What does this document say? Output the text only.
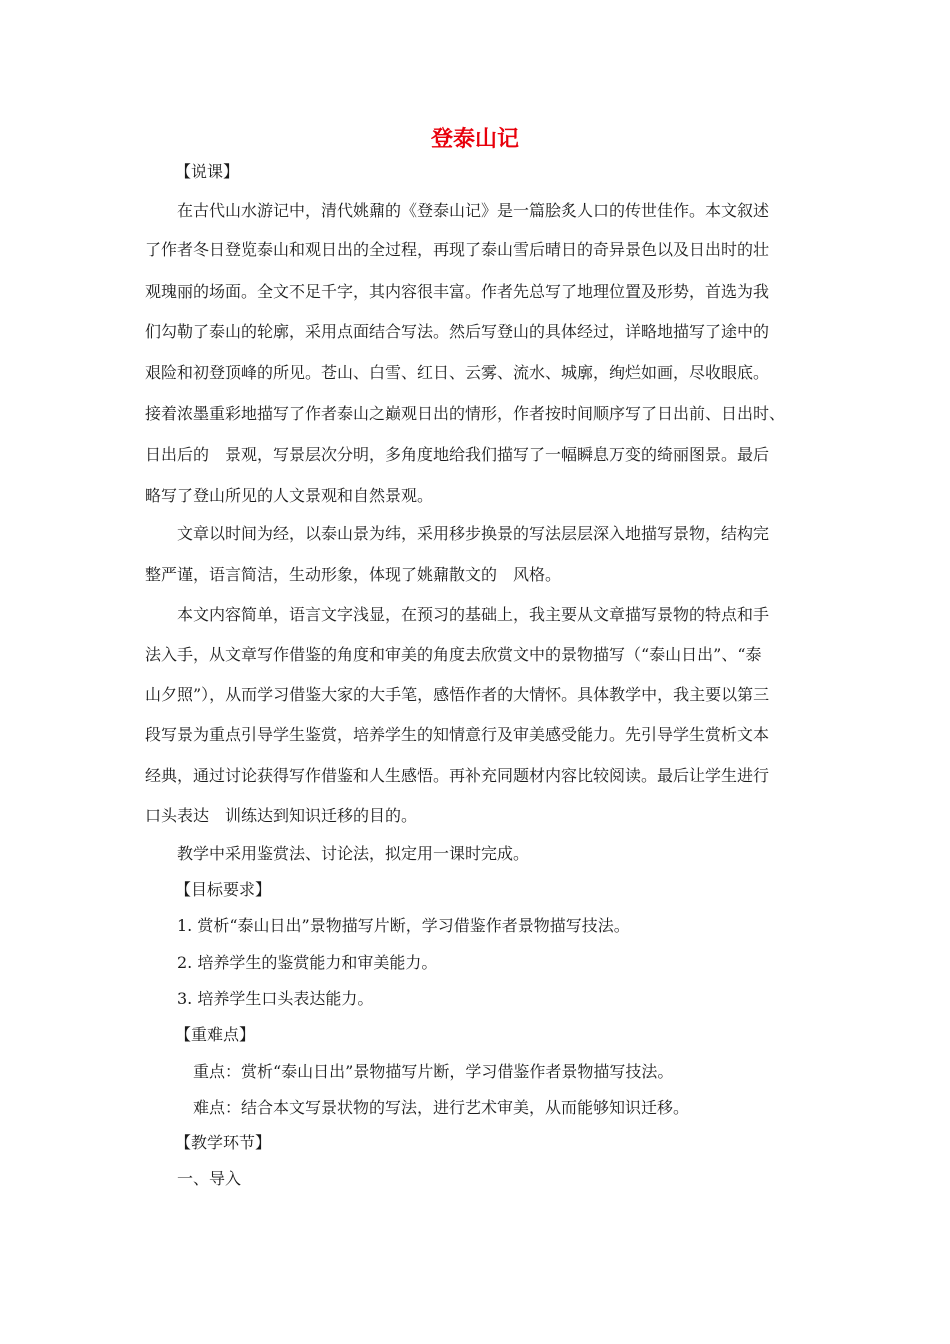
登泰山记
【说课】
在古代山水游记中，清代姚鼐的《登泰山记》是一篇脍炙人口的传世佳作。本文叙述
了作者冬日登览泰山和观日出的全过程，再现了泰山雪后晴日的奇异景色以及日出时的壮
观瑰丽的场面。全文不足千字，其内容很丰富。作者先总写了地理位置及形势，首选为我
们勾勒了泰山的轮廓，采用点面结合写法。然后写登山的具体经过，详略地描写了途中的
艰险和初登顶峰的所见。苍山、白雪、红日、云雾、流水、城廓，绚烂如画，尽收眼底。
接着浓墨重彩地描写了作者泰山之巅观日出的情形，作者按时间顺序写了日出前、日出时、
日出后的　景观，写景层次分明，多角度地给我们描写了一幅瞬息万变的绮丽图景。最后
略写了登山所见的人文景观和自然景观。
文章以时间为经，以泰山景为纬，采用移步换景的写法层层深入地描写景物，结构完
整严谨，语言简洁，生动形象，体现了姚鼐散文的　风格。
本文内容简单，语言文字浅显，在预习的基础上，我主要从文章描写景物的特点和手
法入手，从文章写作借鉴的角度和审美的角度去欣赏文中的景物描写（“泰山日出”、“泰
山夕照”），从而学习借鉴大家的大手笔，感悟作者的大情怀。具体教学中，我主要以第三
段写景为重点引导学生鉴赏，培养学生的知情意行及审美感受能力。先引导学生赏析文本
经典，通过讨论获得写作借鉴和人生感悟。再补充同题材内容比较阅读。最后让学生进行
口头表达　训练达到知识迁移的目的。
教学中采用鉴赏法、讨论法，拟定用一课时完成。
【目标要求】
1. 赏析“泰山日出”景物描写片断，学习借鉴作者景物描写技法。
2. 培养学生的鉴赏能力和审美能力。
3. 培养学生口头表达能力。
【重难点】
重点：赏析“泰山日出”景物描写片断，学习借鉴作者景物描写技法。
难点：结合本文写景状物的写法，进行艺术审美，从而能够知识迁移。
【教学环节】
一、导入
